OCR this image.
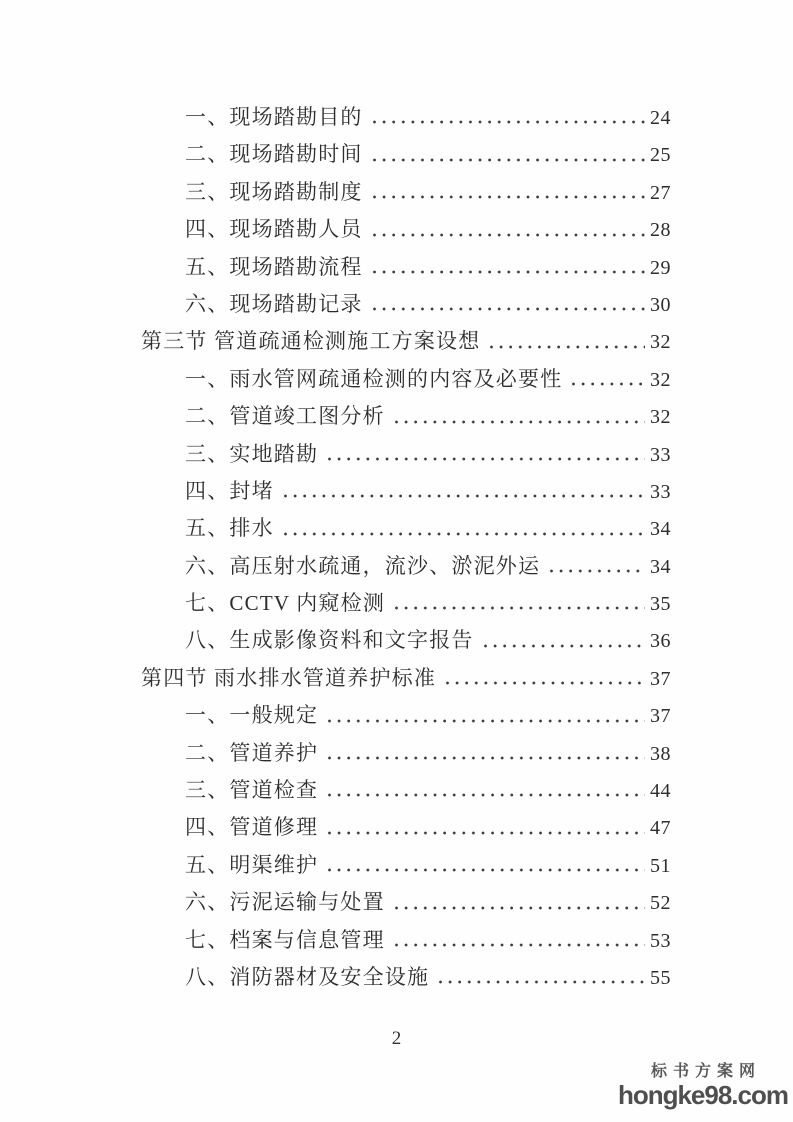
一、现场踏勘目的	24
二、现场踏勘时间	25
三、现场踏勘制度	27
四、现场踏勘人员	28
五、现场踏勘流程	29
六、现场踏勘记录	30
第三节 管道疏通检测施工方案设想	32
一、雨水管网疏通检测的内容及必要性	32
二、管道竣工图分析	32
三、实地踏勘	33
四、封堵	33
五、排水	34
六、高压射水疏通，流沙、淤泥外运	34
七、CCTV 内窥检测	35
八、生成影像资料和文字报告	36
第四节 雨水排水管道养护标准	37
一、一般规定	37
二、管道养护	38
三、管道检查	44
四、管道修理	47
五、明渠维护	51
六、污泥运输与处置	52
七、档案与信息管理	53
八、消防器材及安全设施	55
2
标书方案网
hongke98.com
